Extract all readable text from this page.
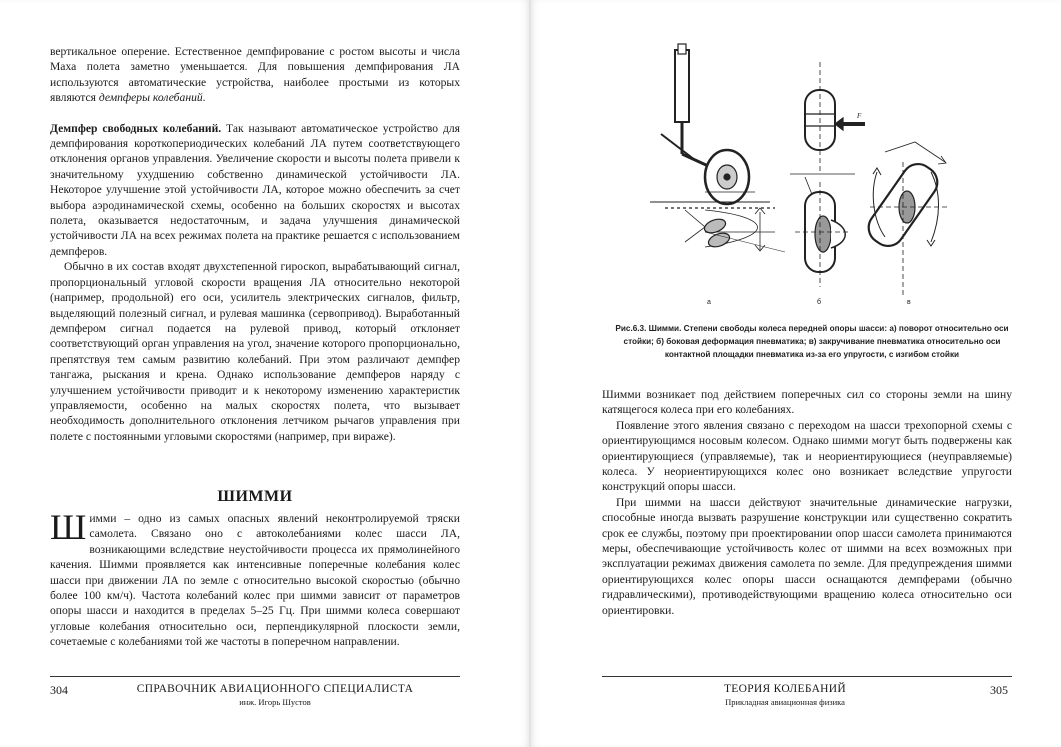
вертикальное оперение. Естественное демпфирование с ростом высоты и числа Маха полета заметно уменьшается. Для повышения демпфирования ЛА используются автоматические устройства, наиболее простыми из которых являются демпферы колебаний.

Демпфер свободных колебаний. Так называют автоматическое устройство для демпфирования короткопериодических колебаний ЛА путем соответствующего отклонения органов управления. Увеличение скорости и высоты полета привели к значительному ухудшению собственно динамической устойчивости ЛА. Некоторое улучшение этой устойчивости ЛА, которое можно обеспечить за счет выбора аэродинамической схемы, особенно на больших скоростях и высотах полета, оказывается недостаточным, и задача улучшения динамической устойчивости ЛА на всех режимах полета на практике решается с использованием демпферов.

Обычно в их состав входят двухстепенной гироскоп, вырабатывающий сигнал, пропорциональный угловой скорости вращения ЛА относительно некоторой (например, продольной) его оси, усилитель электрических сигналов, фильтр, выделяющий полезный сигнал, и рулевая машинка (сервопривод). Выработанный демпфером сигнал подается на рулевой привод, который отклоняет соответствующий орган управления на угол, значение которого пропорционально, препятствуя тем самым развитию колебаний. При этом различают демпфер тангажа, рыскания и крена. Однако использование демпферов наряду с улучшением устойчивости приводит и к некоторому изменению характеристик управляемости, особенно на малых скоростях полета, что вызывает необходимость дополнительного отклонения летчиком рычагов управления при полете с постоянными угловыми скоростями (например, при вираже).

ШИММИ
Шимми – одно из самых опасных явлений неконтролируемой тряски самолета. Связано оно с автоколебаниями колес шасси ЛА, возникающими вследствие неустойчивости процесса их прямолинейного качения. Шимми проявляется как интенсивные поперечные колебания колес шасси при движении ЛА по земле с относительно высокой скоростью (обычно более 100 км/ч). Частота колебаний колес при шимми зависит от параметров опоры шасси и находится в пределах 5–25 Гц. При шимми колеса совершают угловые колебания относительно оси, перпендикулярной плоскости земли, сочетаемые с колебаниями той же частоты в поперечном направлении.
304	СПРАВОЧНИК АВИАЦИОННОГО СПЕЦИАЛИСТА
инж. Игорь Шустов
а	б	в
F
Рис.6.3. Шимми. Степени свободы колеса передней опоры шасси: а) поворот относительно оси стойки; б) боковая деформация пневматика; в) закручивание пневматика относительно оси контактной площадки пневматика из-за его упругости, с изгибом стойки

Шимми возникает под действием поперечных сил со стороны земли на шину катящегося колеса при его колебаниях.

Появление этого явления связано с переходом на шасси трехопорной схемы с ориентирующимся носовым колесом. Однако шимми могут быть подвержены как ориентирующиеся (управляемые), так и неориентирующиеся (неуправляемые) колеса. У неориентирующихся колес оно возникает вследствие упругости конструкций опоры шасси.

При шимми на шасси действуют значительные динамические нагрузки, способные иногда вызвать разрушение конструкции или существенно сократить срок ее службы, поэтому при проектировании опор шасси самолета принимаются меры, обеспечивающие устойчивость колес от шимми на всех возможных при эксплуатации режимах движения самолета по земле. Для предупреждения шимми ориентирующихся колес опоры шасси оснащаются демпферами (обычно гидравлическими), противодействующими вращению колеса относительно оси ориентировки.

ТЕОРИЯ КОЛЕБАНИЙ
Прикладная авиационная физика
305
